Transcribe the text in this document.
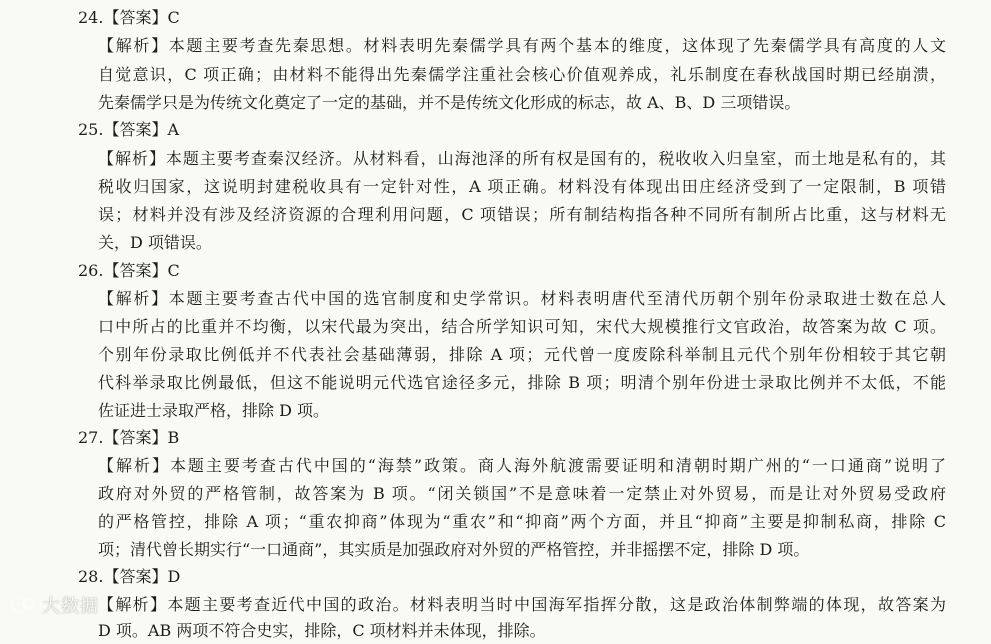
24.【答案】C
【解析】本题主要考查先秦思想。材料表明先秦儒学具有两个基本的维度，这体现了先秦儒学具有高度的人文
自觉意识，C 项正确；由材料不能得出先秦儒学注重社会核心价值观养成，礼乐制度在春秋战国时期已经崩溃，
先秦儒学只是为传统文化奠定了一定的基础，并不是传统文化形成的标志，故 A、B、D 三项错误。
25.【答案】A
【解析】本题主要考查秦汉经济。从材料看，山海池泽的所有权是国有的，税收收入归皇室，而土地是私有的，其
税收归国家，这说明封建税收具有一定针对性，A 项正确。材料没有体现出田庄经济受到了一定限制，B 项错
误；材料并没有涉及经济资源的合理利用问题，C 项错误；所有制结构指各种不同所有制所占比重，这与材料无
关，D 项错误。
26.【答案】C
【解析】本题主要考查古代中国的选官制度和史学常识。材料表明唐代至清代历朝个别年份录取进士数在总人
口中所占的比重并不均衡，以宋代最为突出，结合所学知识可知，宋代大规模推行文官政治，故答案为故 C 项。
个别年份录取比例低并不代表社会基础薄弱，排除 A 项；元代曾一度废除科举制且元代个别年份相较于其它朝
代科举录取比例最低，但这不能说明元代选官途径多元，排除 B 项；明清个别年份进士录取比例并不太低，不能
佐证进士录取严格，排除 D 项。
27.【答案】B
【解析】本题主要考查古代中国的“海禁”政策。商人海外航渡需要证明和清朝时期广州的“一口通商”说明了
政府对外贸的严格管制，故答案为 B 项。“闭关锁国”不是意味着一定禁止对外贸易，而是让对外贸易受政府
的严格管控，排除 A 项；“重农抑商”体现为“重农”和“抑商”两个方面，并且“抑商”主要是抑制私商，排除 C
项；清代曾长期实行“一口通商”，其实质是加强政府对外贸的严格管控，并非摇摆不定，排除 D 项。
28.【答案】D
【解析】本题主要考查近代中国的政治。材料表明当时中国海军指挥分散，这是政治体制弊端的体现，故答案为
D 项。AB 两项不符合史实，排除，C 项材料并未体现，排除。
大数据
